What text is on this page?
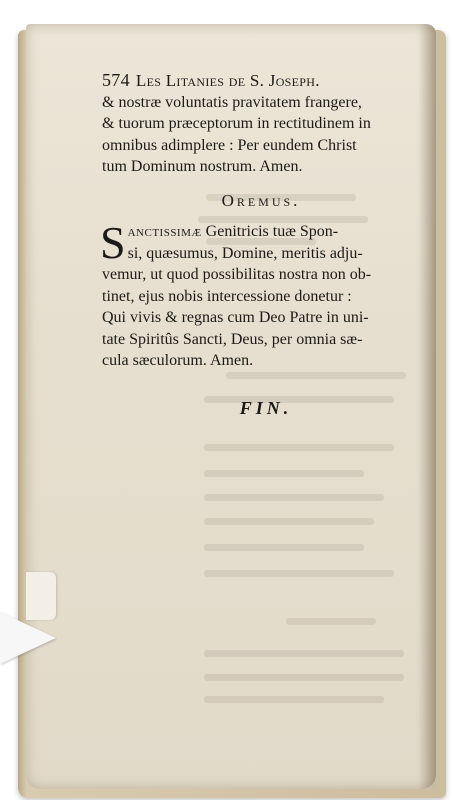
574 Les Litanies de S. Joseph.
& nostræ voluntatis pravitatem frangere,
& tuorum præceptorum in rectitudinem in
omnibus adimplere : Per eundem Christ
tum Dominum nostrum. Amen.
Oremus.
S anctissimæ Genitricis tuæ Spon-
si, quæsumus, Domine, meritis adju-
vemur, ut quod possibilitas nostra non ob-
tinet, ejus nobis intercessione donetur :
Qui vivis & regnas cum Deo Patre in uni-
tate Spiritûs Sancti, Deus, per omnia sæ-
cula sæculorum. Amen.
FIN.
